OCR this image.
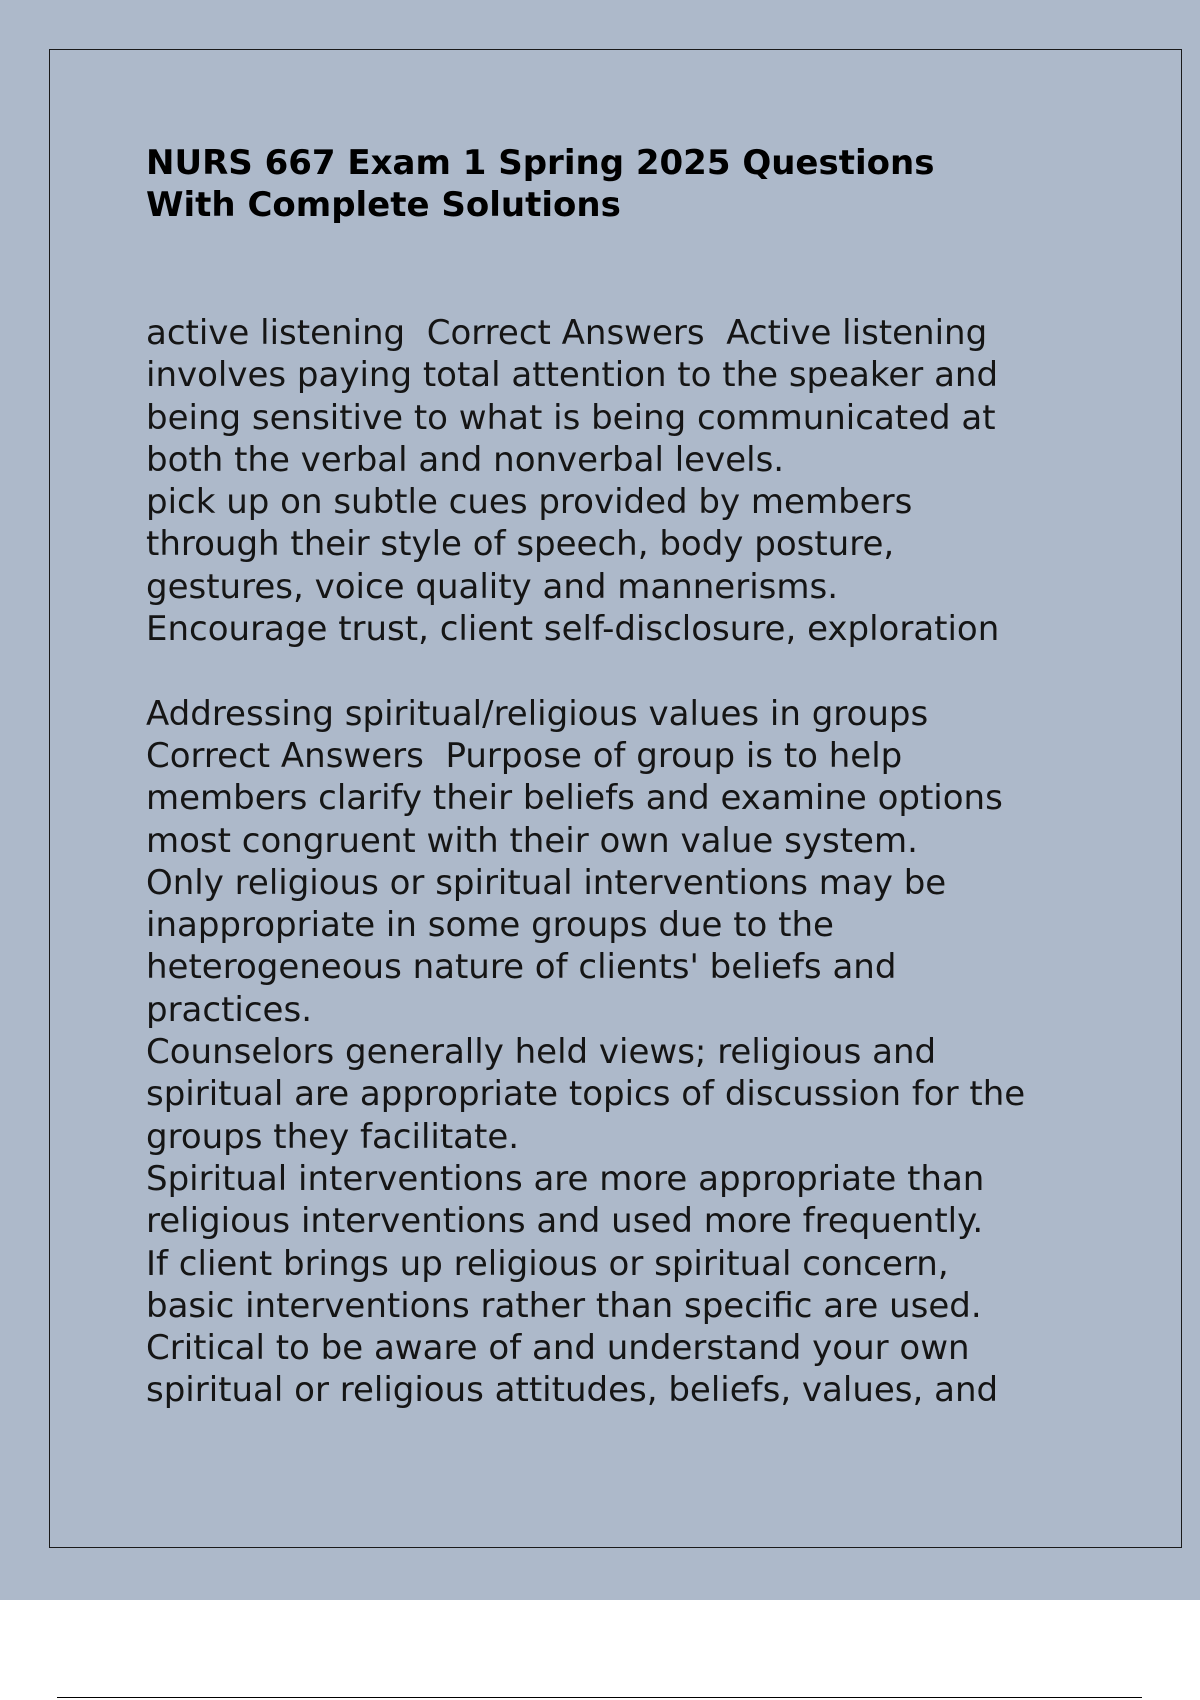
NURS 667 Exam 1 Spring 2025 Questions
With Complete Solutions
active listening  Correct Answers  Active listening
involves paying total attention to the speaker and
being sensitive to what is being communicated at
both the verbal and nonverbal levels.
pick up on subtle cues provided by members
through their style of speech, body posture,
gestures, voice quality and mannerisms.
Encourage trust, client self-disclosure, exploration
Addressing spiritual/religious values in groups
Correct Answers  Purpose of group is to help
members clarify their beliefs and examine options
most congruent with their own value system.
Only religious or spiritual interventions may be
inappropriate in some groups due to the
heterogeneous nature of clients' beliefs and
practices.
Counselors generally held views; religious and
spiritual are appropriate topics of discussion for the
groups they facilitate.
Spiritual interventions are more appropriate than
religious interventions and used more frequently.
If client brings up religious or spiritual concern,
basic interventions rather than specific are used.
Critical to be aware of and understand your own
spiritual or religious attitudes, beliefs, values, and
